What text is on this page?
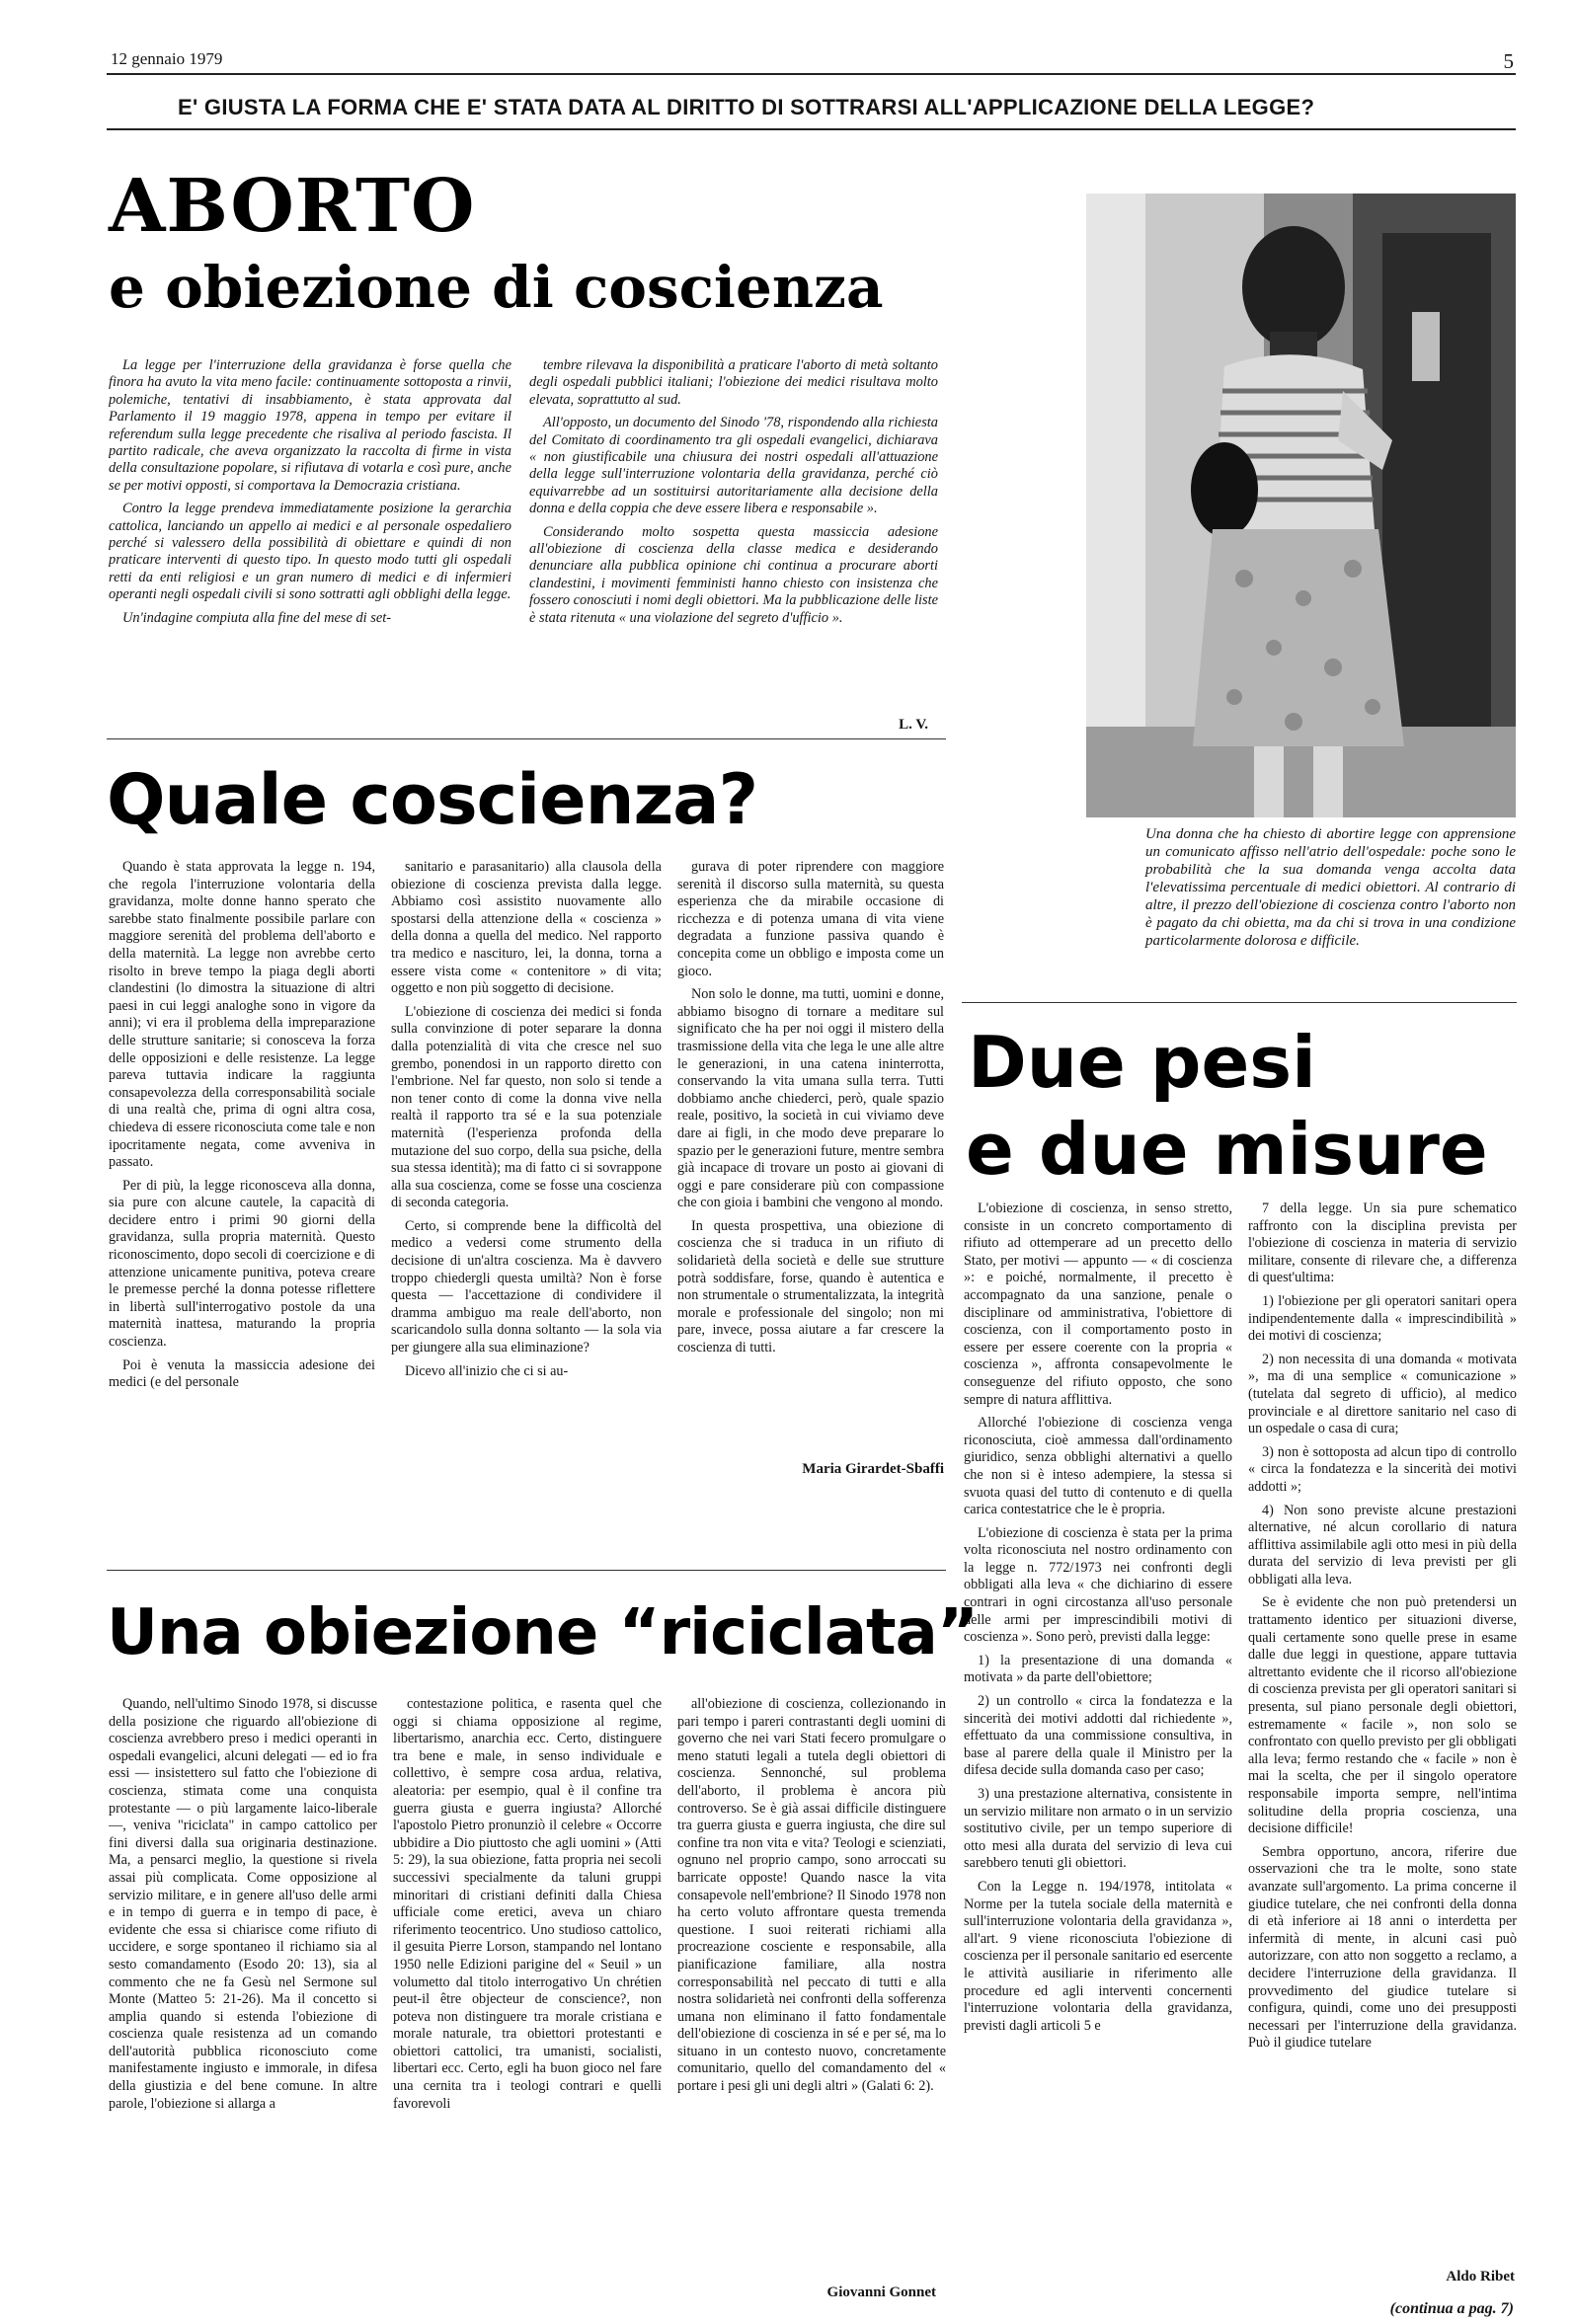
12 gennaio 1979	5
E' GIUSTA LA FORMA CHE E' STATA DATA AL DIRITTO DI SOTTRARSI ALL'APPLICAZIONE DELLA LEGGE?
ABORTO
e obiezione di coscienza

La legge per l'interruzione della gravidanza è forse quella che finora ha avuto la vita meno facile: continuamente sottoposta a rinvii, polemiche, tentativi di insabbiamento, è stata approvata dal Parlamento il 19 maggio 1978, appena in tempo per evitare il referendum sulla legge precedente che risaliva al periodo fascista. Il partito radicale, che aveva organizzato la raccolta di firme in vista della consultazione popolare, si rifiutava di votarla e così pure, anche se per motivi opposti, si comportava la Democrazia cristiana.

Contro la legge prendeva immediatamente posizione la gerarchia cattolica, lanciando un appello ai medici e al personale ospedaliero perché si valessero della possibilità di obiettare e quindi di non praticare interventi di questo tipo. In questo modo tutti gli ospedali retti da enti religiosi e un gran numero di medici e di infermieri operanti negli ospedali civili si sono sottratti agli obblighi della legge.

Un'indagine compiuta alla fine del mese di set-

tembre rilevava la disponibilità a praticare l'aborto di metà soltanto degli ospedali pubblici italiani; l'obiezione dei medici risultava molto elevata, soprattutto al sud.

All'opposto, un documento del Sinodo '78, rispondendo alla richiesta del Comitato di coordinamento tra gli ospedali evangelici, dichiarava « non giustificabile una chiusura dei nostri ospedali all'attuazione della legge sull'interruzione volontaria della gravidanza, perché ciò equivarrebbe ad un sostituirsi autoritariamente alla decisione della donna e della coppia che deve essere libera e responsabile ».

Considerando molto sospetta questa massiccia adesione all'obiezione di coscienza della classe medica e desiderando denunciare alla pubblica opinione chi continua a procurare aborti clandestini, i movimenti femministi hanno chiesto con insistenza che fossero conosciuti i nomi degli obiettori. Ma la pubblicazione delle liste è stata ritenuta « una violazione del segreto d'ufficio ».

L. V.
Una donna che ha chiesto di abortire legge con apprensione un comunicato affisso nell'atrio dell'ospedale: poche sono le probabilità che la sua domanda venga accolta data l'elevatissima percentuale di medici obiettori. Al contrario di altre, il prezzo dell'obiezione di coscienza contro l'aborto non è pagato da chi obietta, ma da chi si trova in una condizione particolarmente dolorosa e difficile.
Quale coscienza?

Quando è stata approvata la legge n. 194, che regola l'interruzione volontaria della gravidanza, molte donne hanno sperato che sarebbe stato finalmente possibile parlare con maggiore serenità del problema dell'aborto e della maternità. La legge non avrebbe certo risolto in breve tempo la piaga degli aborti clandestini (lo dimostra la situazione di altri paesi in cui leggi analoghe sono in vigore da anni); vi era il problema della impreparazione delle strutture sanitarie; si conosceva la forza delle opposizioni e delle resistenze. La legge pareva tuttavia indicare la raggiunta consapevolezza della corresponsabilità sociale di una realtà che, prima di ogni altra cosa, chiedeva di essere riconosciuta come tale e non ipocritamente negata, come avveniva in passato.

Per di più, la legge riconosceva alla donna, sia pure con alcune cautele, la capacità di decidere entro i primi 90 giorni della gravidanza, sulla propria maternità. Questo riconoscimento, dopo secoli di coercizione e di attenzione unicamente punitiva, poteva creare le premesse perché la donna potesse riflettere in libertà sull'interrogativo postole da una maternità inattesa, maturando la propria coscienza.

Poi è venuta la massiccia adesione dei medici (e del personale

sanitario e parasanitario) alla clausola della obiezione di coscienza prevista dalla legge. Abbiamo così assistito nuovamente allo spostarsi della attenzione della « coscienza » della donna a quella del medico. Nel rapporto tra medico e nascituro, lei, la donna, torna a essere vista come « contenitore » di vita; oggetto e non più soggetto di decisione.

L'obiezione di coscienza dei medici si fonda sulla convinzione di poter separare la donna dalla potenzialità di vita che cresce nel suo grembo, ponendosi in un rapporto diretto con l'embrione. Nel far questo, non solo si tende a non tener conto di come la donna vive nella realtà il rapporto tra sé e la sua potenziale maternità (l'esperienza profonda della mutazione del suo corpo, della sua psiche, della sua stessa identità); ma di fatto ci si sovrappone alla sua coscienza, come se fosse una coscienza di seconda categoria.

Certo, si comprende bene la difficoltà del medico a vedersi come strumento della decisione di un'altra coscienza. Ma è davvero troppo chiedergli questa umiltà? Non è forse questa — l'accettazione di condividere il dramma ambiguo ma reale dell'aborto, non scaricandolo sulla donna soltanto — la sola via per giungere alla sua eliminazione?

Dicevo all'inizio che ci si au-

gurava di poter riprendere con maggiore serenità il discorso sulla maternità, su questa esperienza che da mirabile occasione di ricchezza e di potenza umana di vita viene degradata a funzione passiva quando è concepita come un obbligo e imposta come un gioco.

Non solo le donne, ma tutti, uomini e donne, abbiamo bisogno di tornare a meditare sul significato che ha per noi oggi il mistero della trasmissione della vita che lega le une alle altre le generazioni, in una catena ininterrotta, conservando la vita umana sulla terra. Tutti dobbiamo anche chiederci, però, quale spazio reale, positivo, la società in cui viviamo deve dare ai figli, in che modo deve preparare lo spazio per le generazioni future, mentre sembra già incapace di trovare un posto ai giovani di oggi e pare considerare più con compassione che con gioia i bambini che vengono al mondo.

In questa prospettiva, una obiezione di coscienza che si traduca in un rifiuto di solidarietà della società e delle sue strutture potrà soddisfare, forse, quando è autentica e non strumentale o strumentalizzata, la integrità morale e professionale del singolo; non mi pare, invece, possa aiutare a far crescere la coscienza di tutti.

Maria Girardet-Sbaffi
Due pesi
e due misure

L'obiezione di coscienza, in senso stretto, consiste in un concreto comportamento di rifiuto ad ottemperare ad un precetto dello Stato, per motivi — appunto — « di coscienza »: e poiché, normalmente, il precetto è accompagnato da una sanzione, penale o disciplinare od amministrativa, l'obiettore di coscienza, con il comportamento posto in essere per essere coerente con la propria « coscienza », affronta consapevolmente le conseguenze del rifiuto opposto, che sono sempre di natura afflittiva.

Allorché l'obiezione di coscienza venga riconosciuta, cioè ammessa dall'ordinamento giuridico, senza obblighi alternativi a quello che non si è inteso adempiere, la stessa si svuota quasi del tutto di contenuto e di quella carica contestatrice che le è propria.

L'obiezione di coscienza è stata per la prima volta riconosciuta nel nostro ordinamento con la legge n. 772/1973 nei confronti degli obbligati alla leva « che dichiarino di essere contrari in ogni circostanza all'uso personale delle armi per imprescindibili motivi di coscienza ». Sono però, previsti dalla legge:

1) la presentazione di una domanda « motivata » da parte dell'obiettore;

2) un controllo « circa la fondatezza e la sincerità dei motivi addotti dal richiedente », effettuato da una commissione consultiva, in base al parere della quale il Ministro per la difesa decide sulla domanda caso per caso;

3) una prestazione alternativa, consistente in un servizio militare non armato o in un servizio sostitutivo civile, per un tempo superiore di otto mesi alla durata del servizio di leva cui sarebbero tenuti gli obiettori.

Con la Legge n. 194/1978, intitolata « Norme per la tutela sociale della maternità e sull'interruzione volontaria della gravidanza », all'art. 9 viene riconosciuta l'obiezione di coscienza per il personale sanitario ed esercente le attività ausiliarie in riferimento alle procedure ed agli interventi concernenti l'interruzione volontaria della gravidanza, previsti dagli articoli 5 e

7 della legge. Un sia pure schematico raffronto con la disciplina prevista per l'obiezione di coscienza in materia di servizio militare, consente di rilevare che, a differenza di quest'ultima:

1) l'obiezione per gli operatori sanitari opera indipendentemente dalla « imprescindibilità » dei motivi di coscienza;

2) non necessita di una domanda « motivata », ma di una semplice « comunicazione » (tutelata dal segreto di ufficio), al medico provinciale e al direttore sanitario nel caso di un ospedale o casa di cura;

3) non è sottoposta ad alcun tipo di controllo « circa la fondatezza e la sincerità dei motivi addotti »;

4) Non sono previste alcune prestazioni alternative, né alcun corollario di natura afflittiva assimilabile agli otto mesi in più della durata del servizio di leva previsti per gli obbligati alla leva.

Se è evidente che non può pretendersi un trattamento identico per situazioni diverse, quali certamente sono quelle prese in esame dalle due leggi in questione, appare tuttavia altrettanto evidente che il ricorso all'obiezione di coscienza prevista per gli operatori sanitari si presenta, sul piano personale degli obiettori, estremamente « facile », non solo se confrontato con quello previsto per gli obbligati alla leva; fermo restando che « facile » non è mai la scelta, che per il singolo operatore responsabile importa sempre, nell'intima solitudine della propria coscienza, una decisione difficile!

Sembra opportuno, ancora, riferire due osservazioni che tra le molte, sono state avanzate sull'argomento. La prima concerne il giudice tutelare, che nei confronti della donna di età inferiore ai 18 anni o interdetta per infermità di mente, in alcuni casi può autorizzare, con atto non soggetto a reclamo, a decidere l'interruzione della gravidanza. Il provvedimento del giudice tutelare si configura, quindi, come uno dei presupposti necessari per l'interruzione della gravidanza. Può il giudice tutelare

Aldo Ribet
(continua a pag. 7)
Una obiezione “riciclata”

Quando, nell'ultimo Sinodo 1978, si discusse della posizione che riguardo all'obiezione di coscienza avrebbero preso i medici operanti in ospedali evangelici, alcuni delegati — ed io fra essi — insistettero sul fatto che l'obiezione di coscienza, stimata come una conquista protestante — o più largamente laico-liberale —, veniva "riciclata" in campo cattolico per fini diversi dalla sua originaria destinazione. Ma, a pensarci meglio, la questione si rivela assai più complicata. Come opposizione al servizio militare, e in genere all'uso delle armi e in tempo di guerra e in tempo di pace, è evidente che essa si chiarisce come rifiuto di uccidere, e sorge spontaneo il richiamo sia al sesto comandamento (Esodo 20: 13), sia al commento che ne fa Gesù nel Sermone sul Monte (Matteo 5: 21-26). Ma il concetto si amplia quando si estenda l'obiezione di coscienza quale resistenza ad un comando dell'autorità pubblica riconosciuto come manifestamente ingiusto e immorale, in difesa della giustizia e del bene comune. In altre parole, l'obiezione si allarga a

contestazione politica, e rasenta quel che oggi si chiama opposizione al regime, libertarismo, anarchia ecc. Certo, distinguere tra bene e male, in senso individuale e collettivo, è sempre cosa ardua, relativa, aleatoria: per esempio, qual è il confine tra guerra giusta e guerra ingiusta? Allorché l'apostolo Pietro pronunziò il celebre « Occorre ubbidire a Dio piuttosto che agli uomini » (Atti 5: 29), la sua obiezione, fatta propria nei secoli successivi specialmente da taluni gruppi minoritari di cristiani definiti dalla Chiesa ufficiale come eretici, aveva un chiaro riferimento teocentrico. Uno studioso cattolico, il gesuita Pierre Lorson, stampando nel lontano 1950 nelle Edizioni parigine del « Seuil » un volumetto dal titolo interrogativo Un chrétien peut-il être objecteur de conscience?, non poteva non distinguere tra morale cristiana e morale naturale, tra obiettori protestanti e obiettori cattolici, tra umanisti, socialisti, libertari ecc. Certo, egli ha buon gioco nel fare una cernita tra i teologi contrari e quelli favorevoli

all'obiezione di coscienza, collezionando in pari tempo i pareri contrastanti degli uomini di governo che nei vari Stati fecero promulgare o meno statuti legali a tutela degli obiettori di coscienza. Sennonché, sul problema dell'aborto, il problema è ancora più controverso. Se è già assai difficile distinguere tra guerra giusta e guerra ingiusta, che dire sul confine tra non vita e vita? Teologi e scienziati, ognuno nel proprio campo, sono arroccati su barricate opposte! Quando nasce la vita consapevole nell'embrione? Il Sinodo 1978 non ha certo voluto affrontare questa tremenda questione. I suoi reiterati richiami alla procreazione cosciente e responsabile, alla pianificazione familiare, alla nostra corresponsabilità nel peccato di tutti e alla nostra solidarietà nei confronti della sofferenza umana non eliminano il fatto fondamentale dell'obiezione di coscienza in sé e per sé, ma lo situano in un contesto nuovo, concretamente comunitario, quello del comandamento del « portare i pesi gli uni degli altri » (Galati 6: 2).

Giovanni Gonnet
